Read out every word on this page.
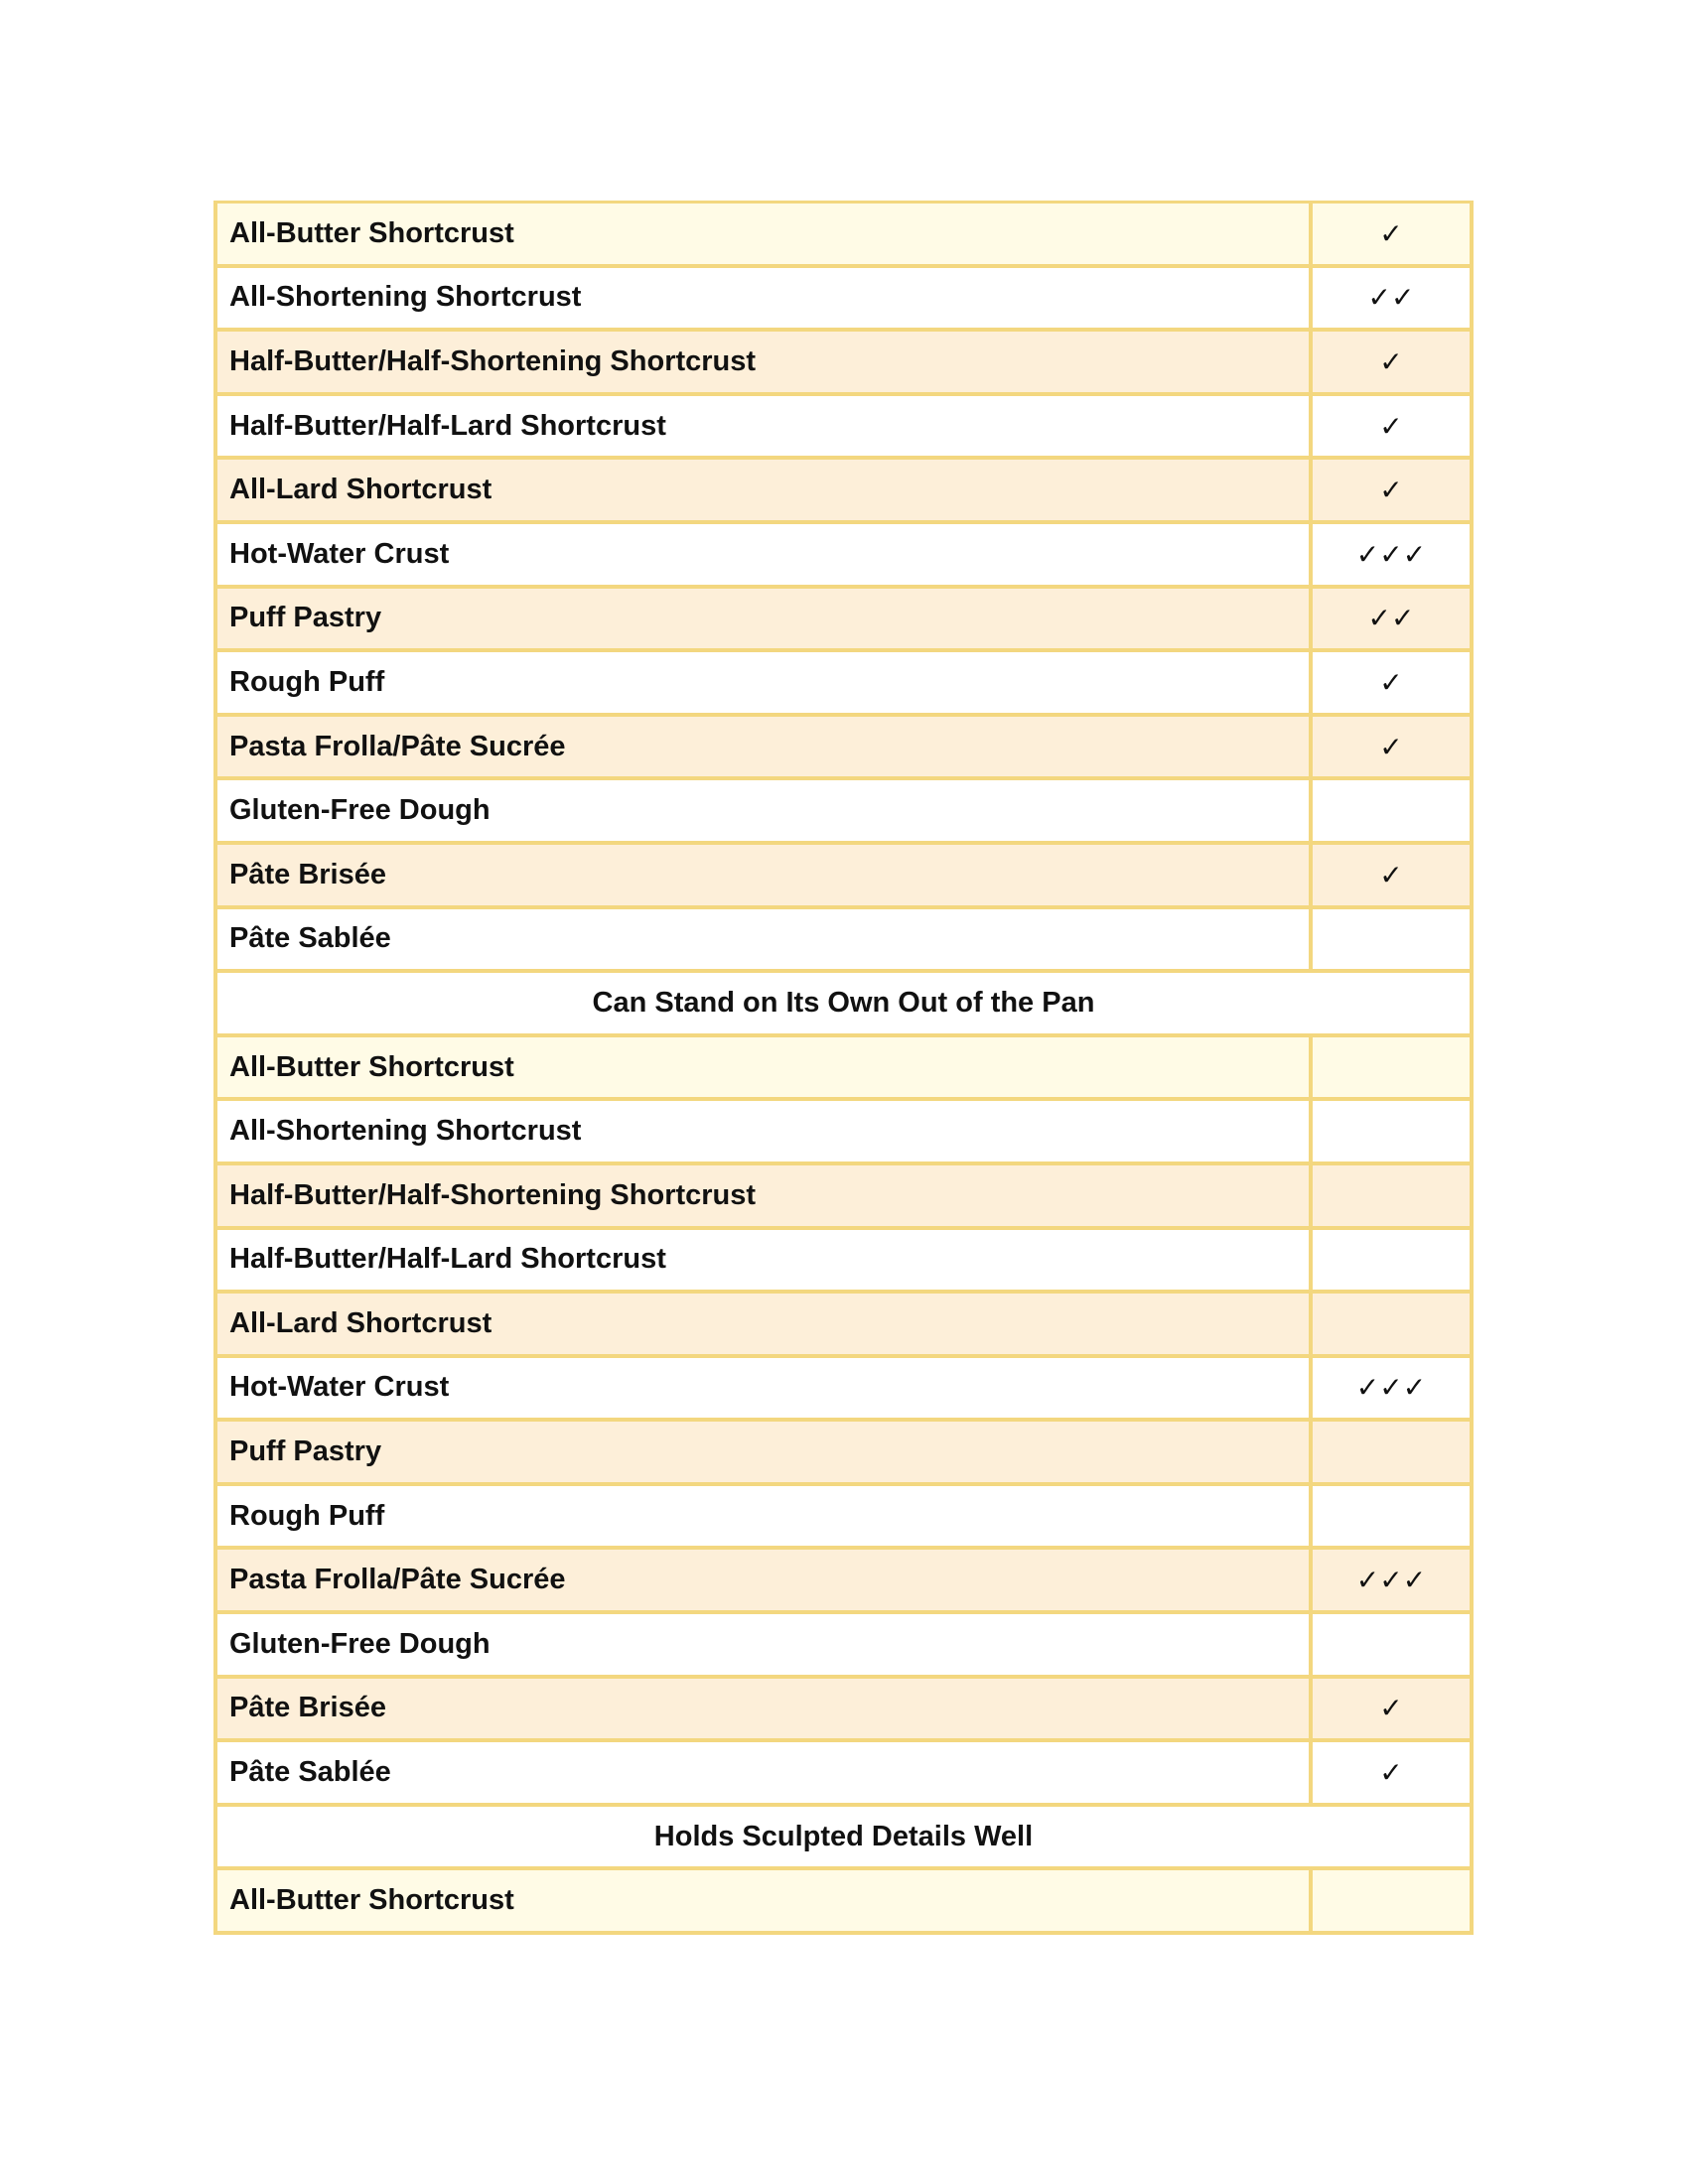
All-Butter Shortcrust	✓
All-Shortening Shortcrust	✓✓
Half-Butter/Half-Shortening Shortcrust	✓
Half-Butter/Half-Lard Shortcrust	✓
All-Lard Shortcrust	✓
Hot-Water Crust	✓✓✓
Puff Pastry	✓✓
Rough Puff	✓
Pasta Frolla/Pâte Sucrée	✓
Gluten-Free Dough
Pâte Brisée	✓
Pâte Sablée
Can Stand on Its Own Out of the Pan
All-Butter Shortcrust
All-Shortening Shortcrust
Half-Butter/Half-Shortening Shortcrust
Half-Butter/Half-Lard Shortcrust
All-Lard Shortcrust
Hot-Water Crust	✓✓✓
Puff Pastry
Rough Puff
Pasta Frolla/Pâte Sucrée	✓✓✓
Gluten-Free Dough
Pâte Brisée	✓
Pâte Sablée	✓
Holds Sculpted Details Well
All-Butter Shortcrust
